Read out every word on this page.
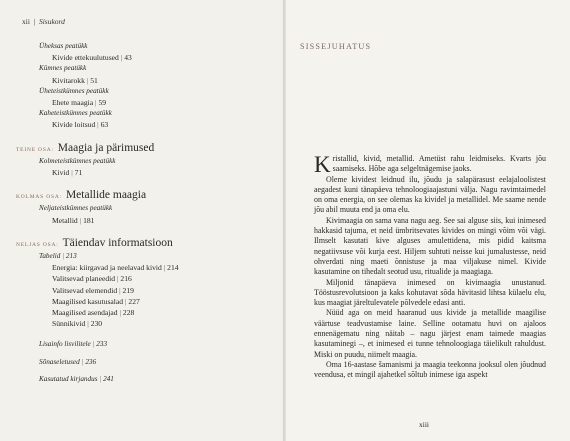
xii | Sisukord
Üheksas peatükk
Kivide ettekuulutused | 43
Kümnes peatükk
Kivitarokk | 51
Üheteistkümnes peatükk
Ehete maagia | 59
Kaheteistkümnes peatükk
Kivide loitsud | 63
TEINE OSA: Maagia ja pärimused
Kolmeteistkümnes peatükk
Kivid | 71
KOLMAS OSA: Metallide maagia
Neljateistkümnes peatükk
Metallid | 181
NELJAS OSA: Täiendav informatsioon
Tabelid | 213
Energia: kiirgavad ja neelavad kivid | 214
Valitsevad planeedid | 216
Valitsevad elemendid | 219
Maagilised kasutusalad | 227
Maagilised asendajad | 228
Sünnikivid | 230
Lisainfo lisvilitele | 233
Sõnaseletused | 236
Kasutatud kirjandus | 241
SISSEJUHATUS

Kristallid, kivid, metallid. Ametüst rahu leidmiseks. Kvarts jõu saamiseks. Hõbe aga selgeltnägemise jaoks.

Oleme kividest leidnud ilu, jõudu ja salapärasust eelajaloolistest aegadest kuni tänapäeva tehnoloogiaajastuni välja. Nagu ravimtaimedel on oma energia, on see olemas ka kividel ja metallidel. Me saame nende jõu abil muuta end ja oma elu.

Kivimaagia on sama vana nagu aeg. See sai alguse siis, kui inimesed hakkasid tajuma, et neid ümbritsevates kivides on mingi võim või vägi. Ilmselt kasutati kive alguses amulettidena, mis pidid kaitsma negatiivsuse või kurja eest. Hiljem suhtuti neisse kui jumalustesse, neid ohverdati ning maeti õnnistuse ja maa viljakuse nimel. Kivide kasutamine on tihedalt seotud usu, ritualide ja maagiaga.

Miljonid tänapäeva inimesed on kivimaagia unustanud. Tööstusrevolutsioon ja kaks kohutavat sõda hävitasid lihtsa külaelu elu, kus maagiat järeltulevatele põlvedele edasi anti.

Nüüd aga on meid haaranud uus kivide ja metallide maagilise väärtuse teadvustamise laine. Selline ootamatu huvi on ajaloos ennenägematu ning näitab – nagu järjest enam taimede maagias kasutaminegi –, et inimesed ei tunne tehnoloogiaga täielikult rahuldust. Miski on puudu, niimelt maagia.

Oma 16-aastase šamanismi ja maagia teekonna jooksul olen jõudnud veendusa, et mingil ajahetkel sõltub inimese iga aspekt

xiii
